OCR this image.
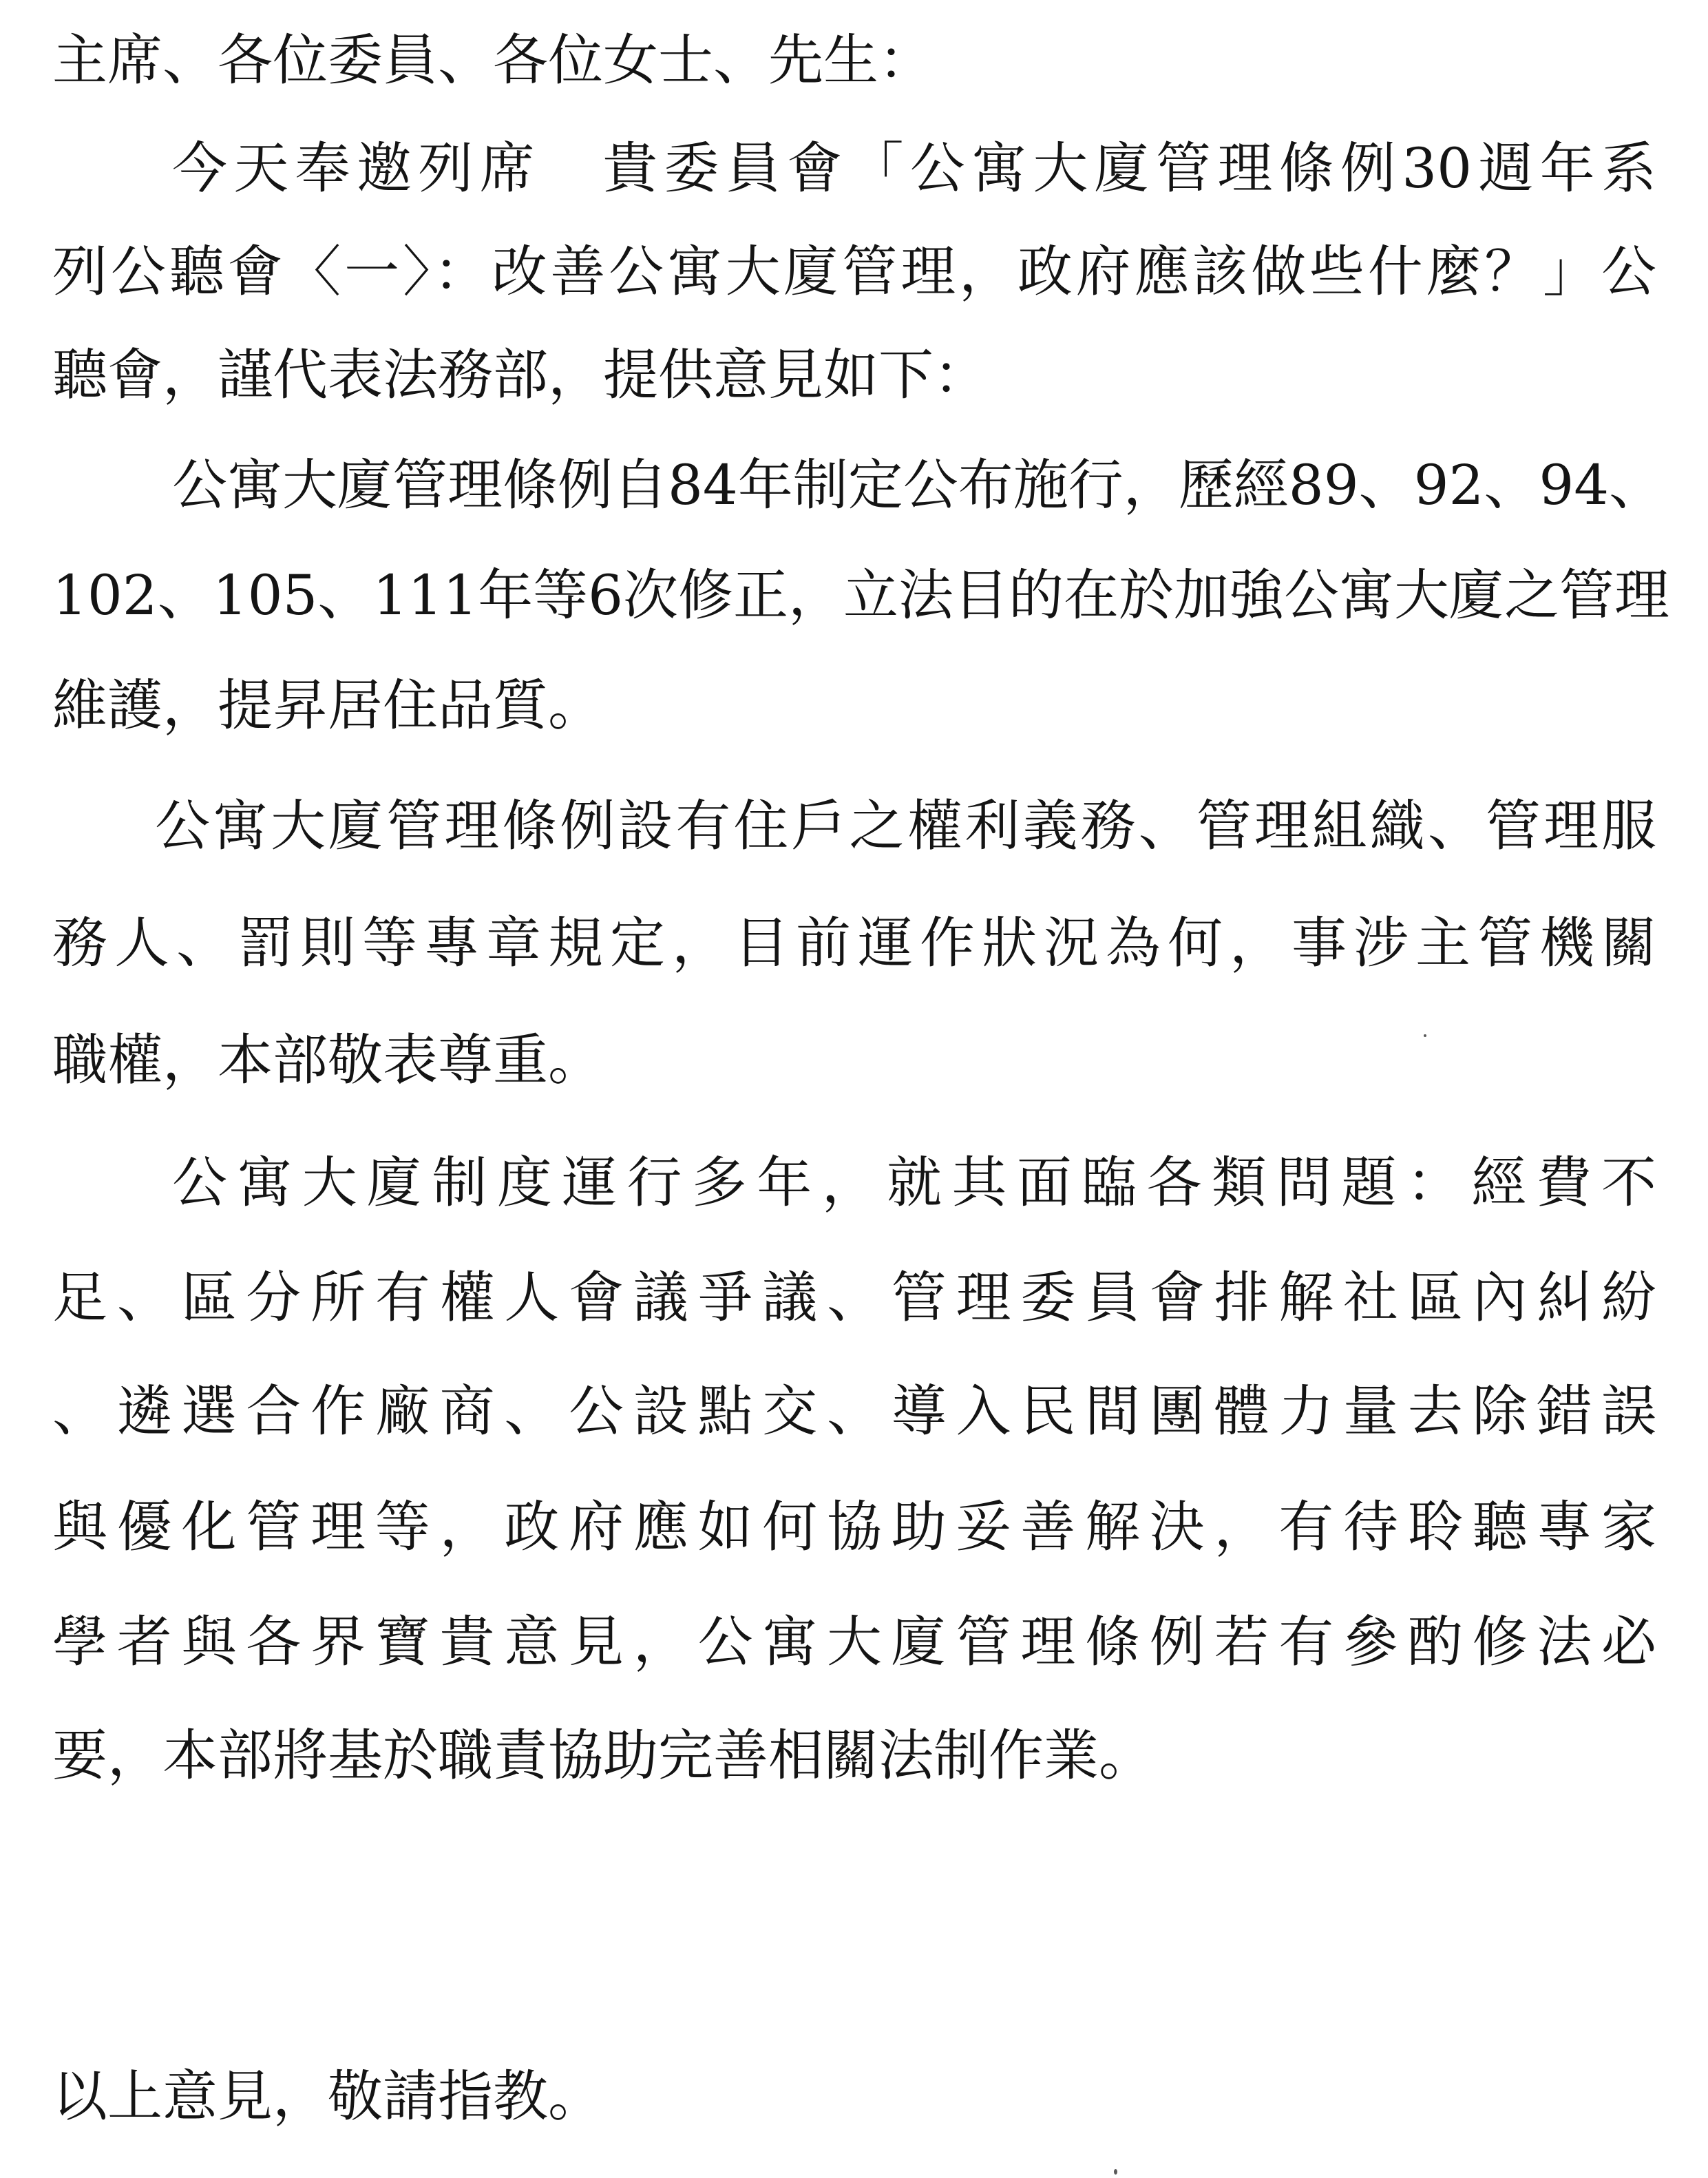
主席、各位委員、各位女士、先生：
今天奉邀列席　貴委員會「公寓大廈管理條例30週年系
列公聽會〈一〉：改善公寓大廈管理，政府應該做些什麼？」公
聽會，謹代表法務部，提供意見如下：
公寓大廈管理條例自84年制定公布施行，歷經89、92、94、
102、105、111年等6次修正，立法目的在於加強公寓大廈之管理
維護，提昇居住品質。
公寓大廈管理條例設有住戶之權利義務、管理組織、管理服
務人、罰則等專章規定，目前運作狀況為何，事涉主管機關
職權，本部敬表尊重。
公寓大廈制度運行多年，就其面臨各類問題：經費不
足、區分所有權人會議爭議、管理委員會排解社區內糾紛
、遴選合作廠商、公設點交、導入民間團體力量去除錯誤
與優化管理等，政府應如何協助妥善解決，有待聆聽專家
學者與各界寶貴意見，公寓大廈管理條例若有參酌修法必
要，本部將基於職責協助完善相關法制作業。
以上意見，敬請指教。
